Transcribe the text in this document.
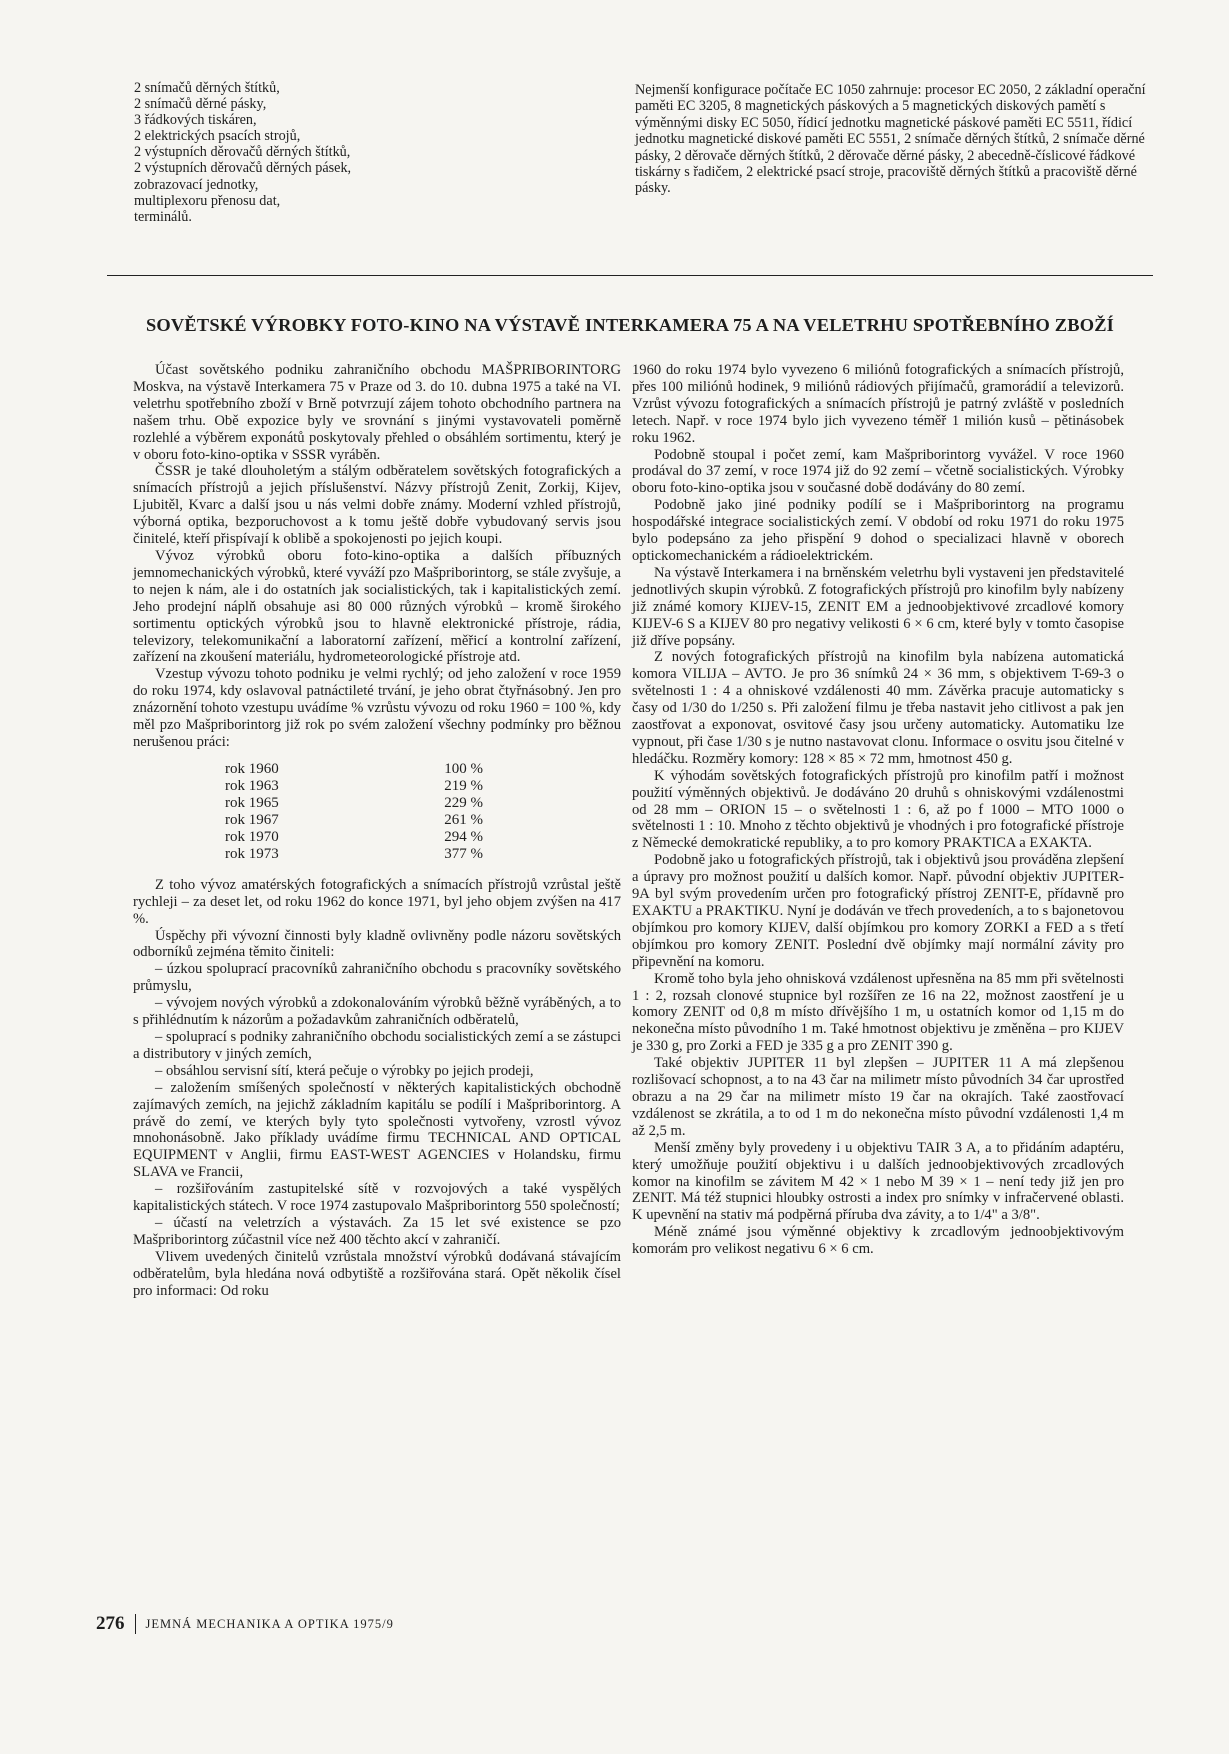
2 snímačů děrných štítků,
2 snímačů děrné pásky,
3 řádkových tiskáren,
2 elektrických psacích strojů,
2 výstupních děrovačů děrných štítků,
2 výstupních děrovačů děrných pásek,
zobrazovací jednotky,
multiplexoru přenosu dat,
terminálů.

Nejmenší konfigurace počítače EC 1050 zahrnuje: procesor EC 2050, 2 základní operační paměti EC 3205, 8 magnetických páskových a 5 magnetických diskových pamětí s výměnnými disky EC 5050, řídicí jednotku magnetické páskové paměti EC 5511, řídicí jednotku magnetické diskové paměti EC 5551, 2 snímače děrných štítků, 2 snímače děrné pásky, 2 děrovače děrných štítků, 2 děrovače děrné pásky, 2 abecedně-číslicové řádkové tiskárny s řadičem, 2 elektrické psací stroje, pracoviště děrných štítků a pracoviště děrné pásky.

SOVĚTSKÉ VÝROBKY FOTO-KINO NA VÝSTAVĚ INTERKAMERA 75 A NA VELETRHU SPOTŘEBNÍHO ZBOŽÍ

Účast sovětského podniku zahraničního obchodu MAŠPRIBORINTORG Moskva, na výstavě Interkamera 75 v Praze od 3. do 10. dubna 1975 a také na VI. veletrhu spotřebního zboží v Brně potvrzují zájem tohoto obchodního partnera na našem trhu. Obě expozice byly ve srovnání s jinými vystavovateli poměrně rozlehlé a výběrem exponátů poskytovaly přehled o obsáhlém sortimentu, který je v oboru foto-kino-optika v SSSR vyráběn.

ČSSR je také dlouholetým a stálým odběratelem sovětských fotografických a snímacích přístrojů a jejich příslušenství. Názvy přístrojů Zenit, Zorkij, Kijev, Ljubitěl, Kvarc a další jsou u nás velmi dobře známy. Moderní vzhled přístrojů, výborná optika, bezporuchovost a k tomu ještě dobře vybudovaný servis jsou činitelé, kteří přispívají k oblibě a spokojenosti po jejich koupi.

Vývoz výrobků oboru foto-kino-optika a dalších příbuzných jemnomechanických výrobků, které vyváží pzo Mašpriborintorg, se stále zvyšuje, a to nejen k nám, ale i do ostatních jak socialistických, tak i kapitalistických zemí. Jeho prodejní náplň obsahuje asi 80 000 různých výrobků – kromě širokého sortimentu optických výrobků jsou to hlavně elektronické přístroje, rádia, televizory, telekomunikační a laboratorní zařízení, měřicí a kontrolní zařízení, zařízení na zkoušení materiálu, hydrometeorologické přístroje atd.

Vzestup vývozu tohoto podniku je velmi rychlý; od jeho založení v roce 1959 do roku 1974, kdy oslavoval patnáctileté trvání, je jeho obrat čtyřnásobný. Jen pro znázornění tohoto vzestupu uvádíme % vzrůstu vývozu od roku 1960 = 100 %, kdy měl pzo Mašpriborintorg již rok po svém založení všechny podmínky pro běžnou nerušenou práci:

rok 1960	100 %
rok 1963	219 %
rok 1965	229 %
rok 1967	261 %
rok 1970	294 %
rok 1973	377 %

Z toho vývoz amatérských fotografických a snímacích přístrojů vzrůstal ještě rychleji – za deset let, od roku 1962 do konce 1971, byl jeho objem zvýšen na 417 %.

Úspěchy při vývozní činnosti byly kladně ovlivněny podle názoru sovětských odborníků zejména těmito činiteli:

– úzkou spoluprací pracovníků zahraničního obchodu s pracovníky sovětského průmyslu,

– vývojem nových výrobků a zdokonalováním výrobků běžně vyráběných, a to s přihlédnutím k názorům a požadavkům zahraničních odběratelů,

– spoluprací s podniky zahraničního obchodu socialistických zemí a se zástupci a distributory v jiných zemích,

– obsáhlou servisní sítí, která pečuje o výrobky po jejich prodeji,

– založením smíšených společností v některých kapitalistických obchodně zajímavých zemích, na jejichž základním kapitálu se podílí i Mašpriborintorg. A právě do zemí, ve kterých byly tyto společnosti vytvořeny, vzrostl vývoz mnohonásobně. Jako příklady uvádíme firmu TECHNICAL AND OPTICAL EQUIPMENT v Anglii, firmu EAST-WEST AGENCIES v Holandsku, firmu SLAVA ve Francii,

– rozšiřováním zastupitelské sítě v rozvojových a také vyspělých kapitalistických státech. V roce 1974 zastupovalo Mašpriborintorg 550 společností;

– účastí na veletrzích a výstavách. Za 15 let své existence se pzo Mašpriborintorg zúčastnil více než 400 těchto akcí v zahraničí.

Vlivem uvedených činitelů vzrůstala množství výrobků dodávaná stávajícím odběratelům, byla hledána nová odbytiště a rozšiřována stará. Opět několik čísel pro informaci: Od roku

1960 do roku 1974 bylo vyvezeno 6 miliónů fotografických a snímacích přístrojů, přes 100 miliónů hodinek, 9 miliónů rádiových přijímačů, gramorádií a televizorů. Vzrůst vývozu fotografických a snímacích přístrojů je patrný zvláště v posledních letech. Např. v roce 1974 bylo jich vyvezeno téměř 1 milión kusů – pětinásobek roku 1962.

Podobně stoupal i počet zemí, kam Mašpriborintorg vyvážel. V roce 1960 prodával do 37 zemí, v roce 1974 již do 92 zemí – včetně socialistických. Výrobky oboru foto-kino-optika jsou v současné době dodávány do 80 zemí.

Podobně jako jiné podniky podílí se i Mašpriborintorg na programu hospodářské integrace socialistických zemí. V období od roku 1971 do roku 1975 bylo podepsáno za jeho přispění 9 dohod o specializaci hlavně v oborech optickomechanickém a rádioelektrickém.

Na výstavě Interkamera i na brněnském veletrhu byli vystaveni jen představitelé jednotlivých skupin výrobků. Z fotografických přístrojů pro kinofilm byly nabízeny již známé komory KIJEV-15, ZENIT EM a jednoobjektivové zrcadlové komory KIJEV-6 S a KIJEV 80 pro negativy velikosti 6 × 6 cm, které byly v tomto časopise již dříve popsány.

Z nových fotografických přístrojů na kinofilm byla nabízena automatická komora VILIJA – AVTO. Je pro 36 snímků 24 × 36 mm, s objektivem T-69-3 o světelnosti 1 : 4 a ohniskové vzdálenosti 40 mm. Závěrka pracuje automaticky s časy od 1/30 do 1/250 s. Při založení filmu je třeba nastavit jeho citlivost a pak jen zaostřovat a exponovat, osvitové časy jsou určeny automaticky. Automatiku lze vypnout, při čase 1/30 s je nutno nastavovat clonu. Informace o osvitu jsou čitelné v hledáčku. Rozměry komory: 128 × 85 × 72 mm, hmotnost 450 g.

K výhodám sovětských fotografických přístrojů pro kinofilm patří i možnost použití výměnných objektivů. Je dodáváno 20 druhů s ohniskovými vzdálenostmi od 28 mm – ORION 15 – o světelnosti 1 : 6, až po f 1000 – MTO 1000 o světelnosti 1 : 10. Mnoho z těchto objektivů je vhodných i pro fotografické přístroje z Německé demokratické republiky, a to pro komory PRAKTICA a EXAKTA.

Podobně jako u fotografických přístrojů, tak i objektivů jsou prováděna zlepšení a úpravy pro možnost použití u dalších komor. Např. původní objektiv JUPITER-9A byl svým provedením určen pro fotografický přístroj ZENIT-E, přídavně pro EXAKTU a PRAKTIKU. Nyní je dodáván ve třech provedeních, a to s bajonetovou objímkou pro komory KIJEV, další objímkou pro komory ZORKI a FED a s třetí objímkou pro komory ZENIT. Poslední dvě objímky mají normální závity pro připevnění na komoru.

Kromě toho byla jeho ohnisková vzdálenost upřesněna na 85 mm při světelnosti 1 : 2, rozsah clonové stupnice byl rozšířen ze 16 na 22, možnost zaostření je u komory ZENIT od 0,8 m místo dřívějšího 1 m, u ostatních komor od 1,15 m do nekonečna místo původního 1 m. Také hmotnost objektivu je změněna – pro KIJEV je 330 g, pro Zorki a FED je 335 g a pro ZENIT 390 g.

Také objektiv JUPITER 11 byl zlepšen – JUPITER 11 A má zlepšenou rozlišovací schopnost, a to na 43 čar na milimetr místo původních 34 čar uprostřed obrazu a na 29 čar na milimetr místo 19 čar na okrajích. Také zaostřovací vzdálenost se zkrátila, a to od 1 m do nekonečna místo původní vzdálenosti 1,4 m až 2,5 m.

Menší změny byly provedeny i u objektivu TAIR 3 A, a to přidáním adaptéru, který umožňuje použití objektivu i u dalších jednoobjektivových zrcadlových komor na kinofilm se závitem M 42 × 1 nebo M 39 × 1 – není tedy již jen pro ZENIT. Má též stupnici hloubky ostrosti a index pro snímky v infračervené oblasti. K upevnění na stativ má podpěrná příruba dva závity, a to 1/4" a 3/8".

Méně známé jsou výměnné objektivy k zrcadlovým jednoobjektivovým komorám pro velikost negativu 6 × 6 cm.

276 JEMNÁ MECHANIKA A OPTIKA 1975/9
